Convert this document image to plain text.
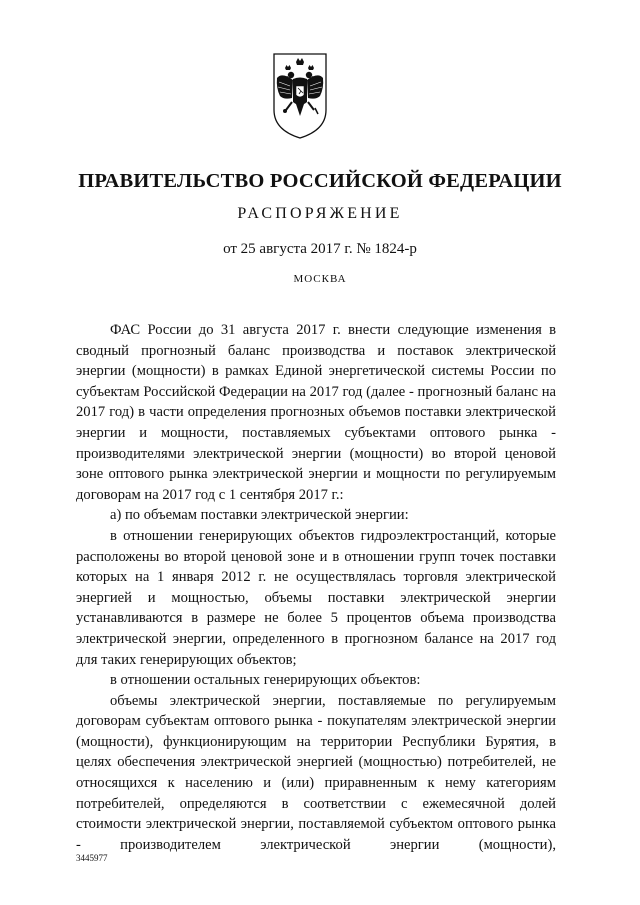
ПРАВИТЕЛЬСТВО РОССИЙСКОЙ ФЕДЕРАЦИИ
РАСПОРЯЖЕНИЕ
от 25 августа 2017 г. № 1824-р
МОСКВА

ФАС России до 31 августа 2017 г. внести следующие изменения в сводный прогнозный баланс производства и поставок электрической энергии (мощности) в рамках Единой энергетической системы России по субъектам Российской Федерации на 2017 год (далее - прогнозный баланс на 2017 год) в части определения прогнозных объемов поставки электрической энергии и мощности, поставляемых субъектами оптового рынка - производителями электрической энергии (мощности) во второй ценовой зоне оптового рынка электрической энергии и мощности по регулируемым договорам на 2017 год с 1 сентября 2017 г.:

а) по объемам поставки электрической энергии:

в отношении генерирующих объектов гидроэлектростанций, которые расположены во второй ценовой зоне и в отношении групп точек поставки которых на 1 января 2012 г. не осуществлялась торговля электрической энергией и мощностью, объемы поставки электрической энергии устанавливаются в размере не более 5 процентов объема производства электрической энергии, определенного в прогнозном балансе на 2017 год для таких генерирующих объектов;

в отношении остальных генерирующих объектов:

объемы электрической энергии, поставляемые по регулируемым договорам субъектам оптового рынка - покупателям электрической энергии (мощности), функционирующим на территории Республики Бурятия, в целях обеспечения электрической энергией (мощностью) потребителей, не относящихся к населению и (или) приравненным к нему категориям потребителей, определяются в соответствии с ежемесячной долей стоимости электрической энергии, поставляемой субъектом оптового рынка - производителем электрической энергии (мощности),

3445977
